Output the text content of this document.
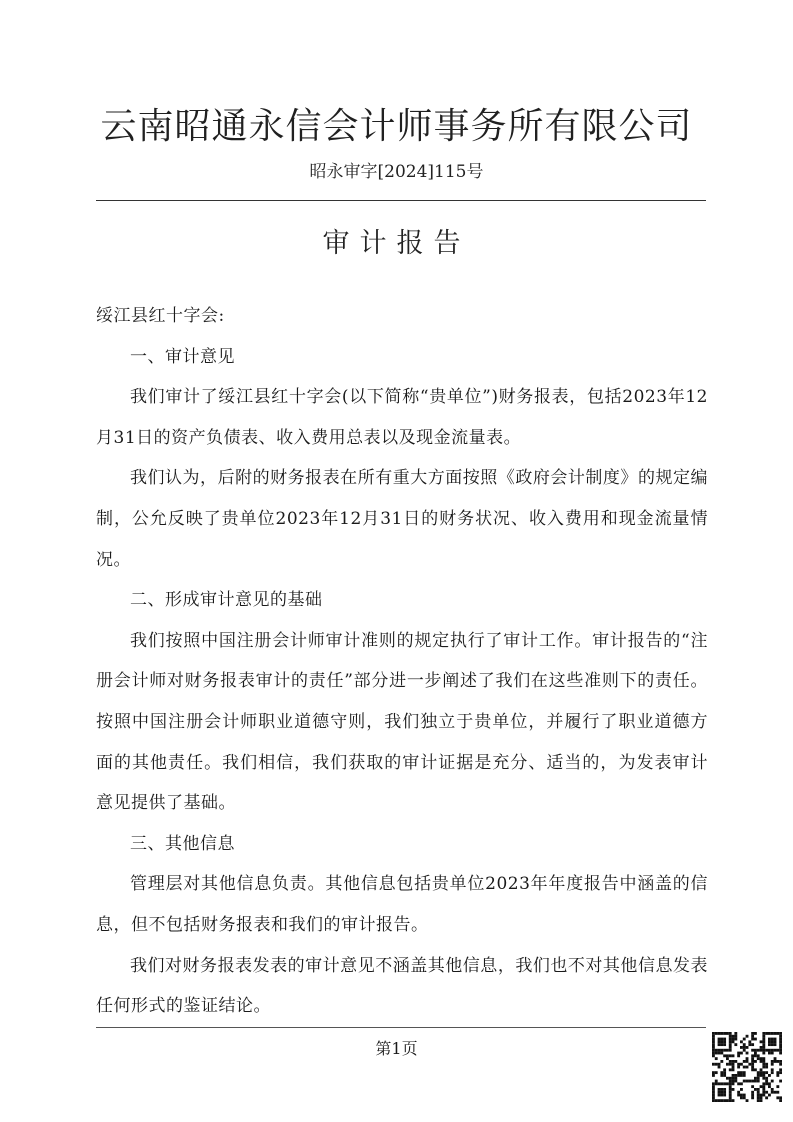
云南昭通永信会计师事务所有限公司
昭永审字[2024]115号
审计报告

绥江县红十字会:

一、审计意见

我们审计了绥江县红十字会(以下简称“贵单位”)财务报表，包括2023年12月31日的资产负债表、收入费用总表以及现金流量表。

我们认为，后附的财务报表在所有重大方面按照《政府会计制度》的规定编制，公允反映了贵单位2023年12月31日的财务状况、收入费用和现金流量情况。

二、形成审计意见的基础

我们按照中国注册会计师审计准则的规定执行了审计工作。审计报告的“注册会计师对财务报表审计的责任”部分进一步阐述了我们在这些准则下的责任。按照中国注册会计师职业道德守则，我们独立于贵单位，并履行了职业道德方面的其他责任。我们相信，我们获取的审计证据是充分、适当的，为发表审计意见提供了基础。

三、其他信息

管理层对其他信息负责。其他信息包括贵单位2023年年度报告中涵盖的信息，但不包括财务报表和我们的审计报告。

我们对财务报表发表的审计意见不涵盖其他信息，我们也不对其他信息发表任何形式的鉴证结论。

第1页
